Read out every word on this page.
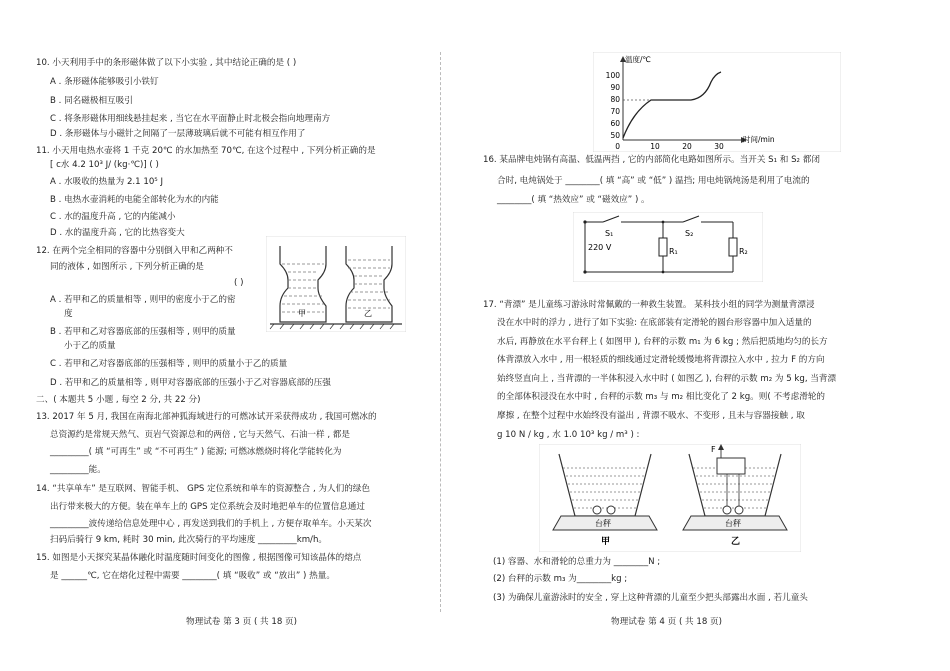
10. 小天利用手中的条形磁体做了以下小实验 , 其中结论正确的是 ( )
A . 条形磁体能够吸引小铁钉
B . 同名磁极相互吸引
C . 将条形磁体用细线悬挂起来 , 当它在水平面静止时北极会指向地理南方
D . 条形磁体与小磁针之间隔了一层薄玻璃后就不可能有相互作用了
11. 小天用电热水壶将 1 千克 20℃ 的水加热至 70℃, 在这个过程中 , 下列分析正确的是
[ c水 4.2 10³ J/ (kg·℃)] ( )
A . 水吸收的热量为 2.1 10⁵ J
B . 电热水壶消耗的电能全部转化为水的内能
C . 水的温度升高 , 它的内能减小
D . 水的温度升高 , 它的比热容变大
12. 在两个完全相同的容器中分别倒入甲和乙两种不
同的液体 , 如图所示 , 下列分析正确的是
( )
A . 若甲和乙的质量相等 , 则甲的密度小于乙的密
度
B . 若甲和乙对容器底部的压强相等 , 则甲的质量
小于乙的质量
C . 若甲和乙对容器底部的压强相等 , 则甲的质量小于乙的质量
D . 若甲和乙的质量相等 , 则甲对容器底部的压强小于乙对容器底部的压强
二、( 本题共 5 小题 , 每空 2 分, 共 22 分)
13. 2017 年 5 月, 我国在南海北部神狐海域进行的可燃冰试开采获得成功 , 我国可燃冰的
总资源约是常规天然气、页岩气资源总和的两倍 , 它与天然气、石油一样 , 都是
_________( 填 “可再生” 或 “不可再生” ) 能源; 可燃冰燃烧时将化学能转化为
_________能。
14. “共享单车” 是互联网、智能手机、 GPS 定位系统和单车的资源整合 , 为人们的绿色
出行带来极大的方便。装在单车上的 GPS 定位系统会及时地把单车的位置信息通过
_________波传递给信息处理中心 , 再发送到我们的手机上 , 方便存取单车。小天某次
扫码后骑行 9 km, 耗时 30 min, 此次骑行的平均速度 _________km/h。
15. 如图是小天探究某晶体融化时温度随时间变化的图像 , 根据图像可知该晶体的熔点
是 ______℃, 它在熔化过程中需要 ________( 填 “吸收” 或 “放出” ) 热量。
甲	乙
物理试卷 第 3 页 ( 共 18 页)
温度/℃
时间/min
100
90
80
70
60
50
0	10	20	30
16. 某品牌电炖锅有高温、低温两挡 , 它的内部简化电路如图所示。当开关 S₁ 和 S₂ 都闭
合时, 电炖锅处于 ________( 填 “高” 或 “低” ) 温挡; 用电炖锅炖汤是利用了电流的
________( 填 “热效应” 或 “磁效应” ) 。
17. “背漂” 是儿童练习游泳时常佩戴的一种救生装置。 某科技小组的同学为测量背漂浸
没在水中时的浮力 , 进行了如下实验: 在底部装有定滑轮的圆台形容器中加入适量的
水后, 再静放在水平台秤上 ( 如图甲 ), 台秤的示数 m₁ 为 6 kg ; 然后把质地均匀的长方
体背漂放入水中 , 用一根轻质的细线通过定滑轮缓慢地将背漂拉入水中 , 拉力 F 的方向
始终竖直向上 , 当背漂的一半体积浸入水中时 ( 如图乙 ), 台秤的示数 m₂ 为 5 kg, 当背漂
的全部体积浸没在水中时 , 台秤的示数 m₃ 与 m₂ 相比变化了 2 kg。则( 不考虑滑轮的
摩擦 , 在整个过程中水始终没有溢出 , 背漂不吸水、不变形 , 且未与容器接触 , 取
g 10 N / kg , 水 1.0 10³ kg / m³ ) :
(1) 容器、水和滑轮的总重力为 ________N ;
(2) 台秤的示数 m₃ 为________kg ;
(3) 为确保儿童游泳时的安全 , 穿上这种背漂的儿童至少把头部露出水面 , 若儿童头
S₁	S₂
R₁	R₂
220 V
台秤
甲
F
台秤
乙
物理试卷 第 4 页 ( 共 18 页)
